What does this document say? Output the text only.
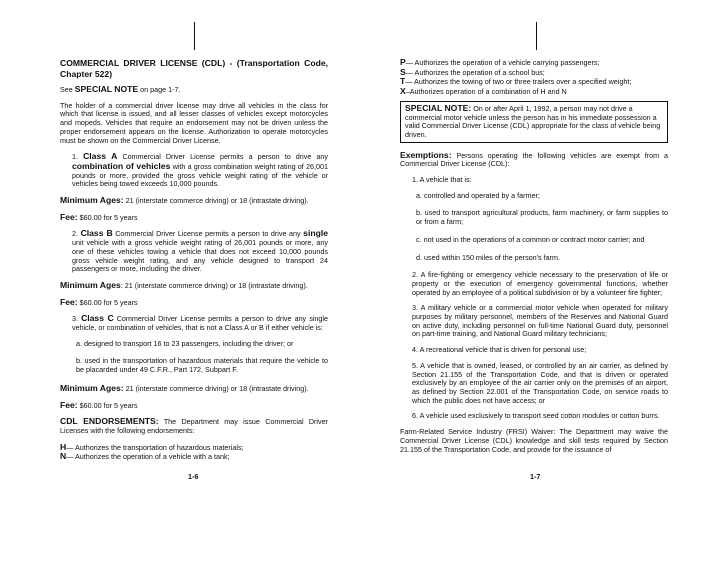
COMMERCIAL DRIVER LICENSE (CDL) - (Transportation Code, Chapter 522)

See SPECIAL NOTE on page 1-7.

The holder of a commercial driver license may drive all vehicles in the class for which that license is issued, and all lesser classes of vehicles except motorcycles and mopeds. Vehicles that require an endorsement may not be driven unless the proper endorsement appears on the license. Authorization to operate motorcycles must be shown on the Commercial Driver License.

1. Class A Commercial Driver License permits a person to drive any combination of vehicles with a gross combination weight rating of 26,001 pounds or more, provided the gross vehicle weight rating of the vehicle or vehicles being towed exceeds 10,000 pounds.

Minimum Ages: 21 (interstate commerce driving) or 18 (intrastate driving).

Fee: $60.00 for 5 years

2. Class B Commercial Driver License permits a person to drive any single unit vehicle with a gross vehicle weight rating of 26,001 pounds or more, any one of these vehicles towing a vehicle that does not exceed 10,000 pounds gross vehicle weight rating, and any vehicle designed to transport 24 passengers or more, including the driver.

Minimum Ages: 21 (interstate commerce driving) or 18 (intrastate driving).

Fee: $60.00 for 5 years

3. Class C Commercial Driver License permits a person to drive any single vehicle, or combination of vehicles, that is not a Class A or B if either vehicle is:

a. designed to transport 16 to 23 passengers, including the driver; or

b. used in the transportation of hazardous materials that require the vehicle to be placarded under 49 C.F.R., Part 172, Subpart F.

Minimum Ages: 21 (interstate commerce driving) or 18 (intrastate driving).

Fee: $60.00 for 5 years

CDL ENDORSEMENTS: The Department may issue Commercial Driver Licenses with the following endorsements:

H— Authorizes the transportation of hazardous materials;

N— Authorizes the operation of a vehicle with a tank;

P— Authorizes the operation of a vehicle carrying passengers;

S— Authorizes the operation of a school bus;

T— Authorizes the towing of two or three trailers over a specified weight;

X–Authorizes operation of a combination of H and N

SPECIAL NOTE: On or after April 1, 1992, a person may not drive a commercial motor vehicle unless the person has in his immediate possession a valid Commercial Driver License (CDL) appropriate for the class of vehicle being driven.

Exemptions: Persons operating the following vehicles are exempt from a Commercial Driver License (CDL):

1. A vehicle that is:

a. controlled and operated by a farmer;

b. used to transport agricultural products, farm machinery, or farm supplies to or from a farm;

c. not used in the operations of a common or contract motor carrier; and

d. used within 150 miles of the person's farm.

2. A fire-fighting or emergency vehicle necessary to the preservation of life or property or the execution of emergency governmental functions, whether operated by an employee of a political subdivision or by a volunteer fire fighter;

3. A military vehicle or a commercial motor vehicle when operated for military purposes by military personnel, members of the Reserves and National Guard on active duty, including personnel on full-time National Guard duty, personnel on part-time training, and National Guard military technicians;

4. A recreational vehicle that is driven for personal use;

5. A vehicle that is owned, leased, or controlled by an air carrier, as defined by Section 21.155 of the Transportation Code, and that is driven or operated exclusively by an employee of the air carrier only on the premises of an airport, as defined by Section 22.001 of the Transportation Code, on service roads to which the public does not have access; or

6. A vehicle used exclusively to transport seed cotton modules or cotton burrs.

Farm-Related Service Industry (FRSI) Waiver: The Department may waive the Commercial Driver License (CDL) knowledge and skill tests required by Section 21.155 of the Transportation Code, and provide for the issuance of

1-6	1-7
